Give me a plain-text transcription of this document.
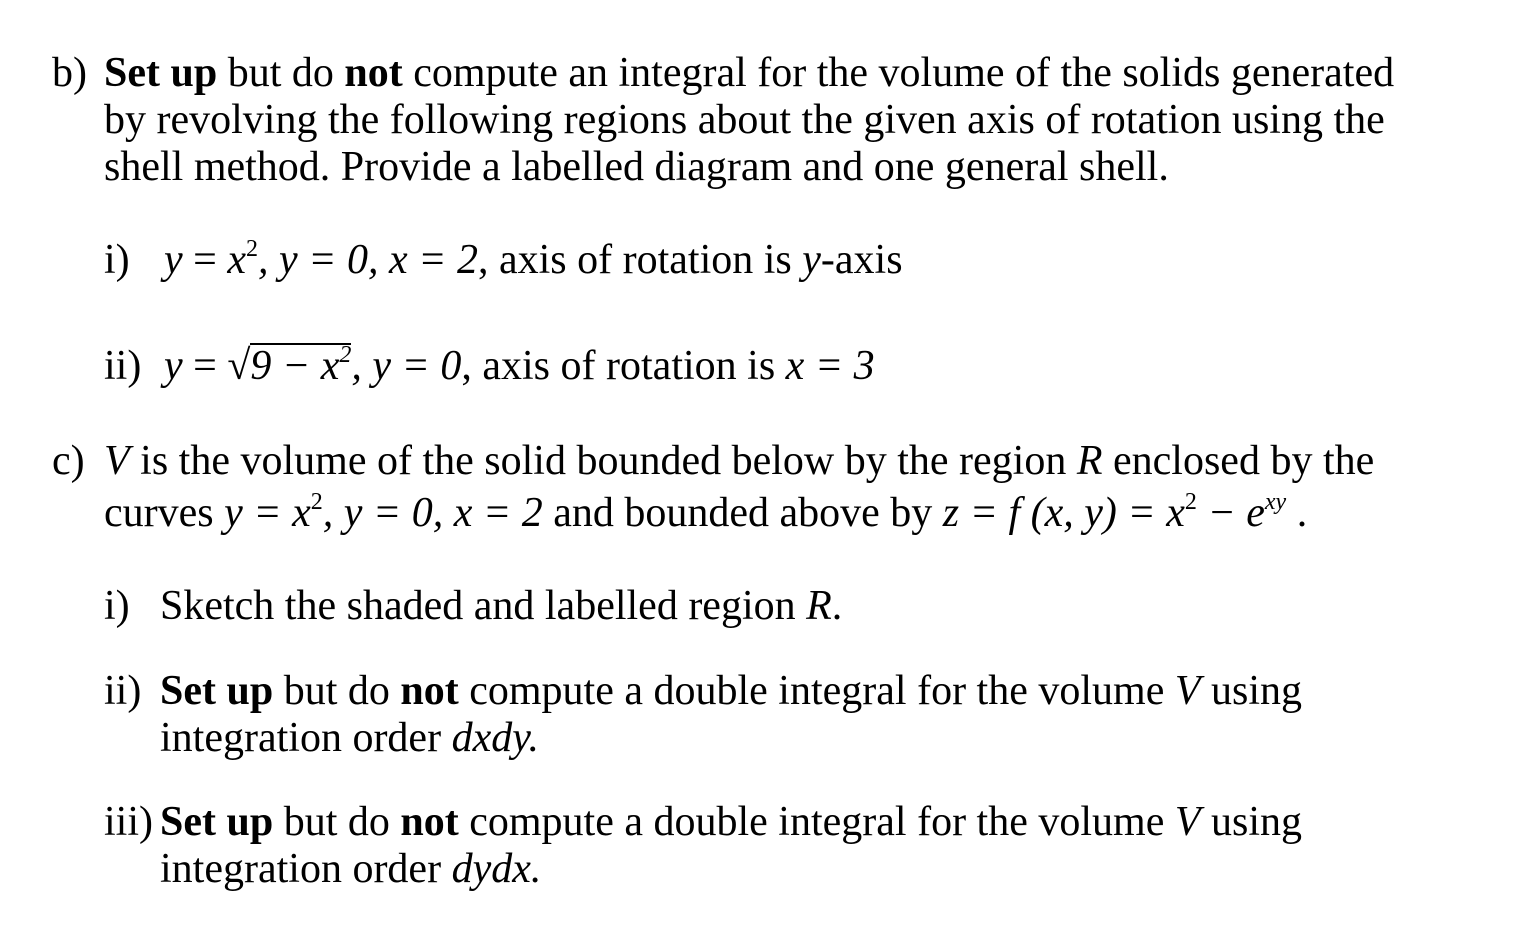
b) Set up but do not compute an integral for the volume of the solids generated
by revolving the following regions about the given axis of rotation using the
shell method. Provide a labelled diagram and one general shell.
i) $y = x^2$, y = 0, x = 2, axis of rotation is y-axis
ii) $y = √9 - x^2$, y = 0, axis of rotation is x = 3
c) V is the volume of the solid bounded below by the region R enclosed by the
curves $y = x^2$, y = 0, x = 2 and bounded above by z = f (x, $y) = x^2 - e^{xy}$ .
i) Sketch the shaded and labelled region R.
ii) Set up but do not compute a double integral for the volume V using
integration order dxdy.
iii) Set up but do not compute a double integral for the volume V using
integration order dydx.
